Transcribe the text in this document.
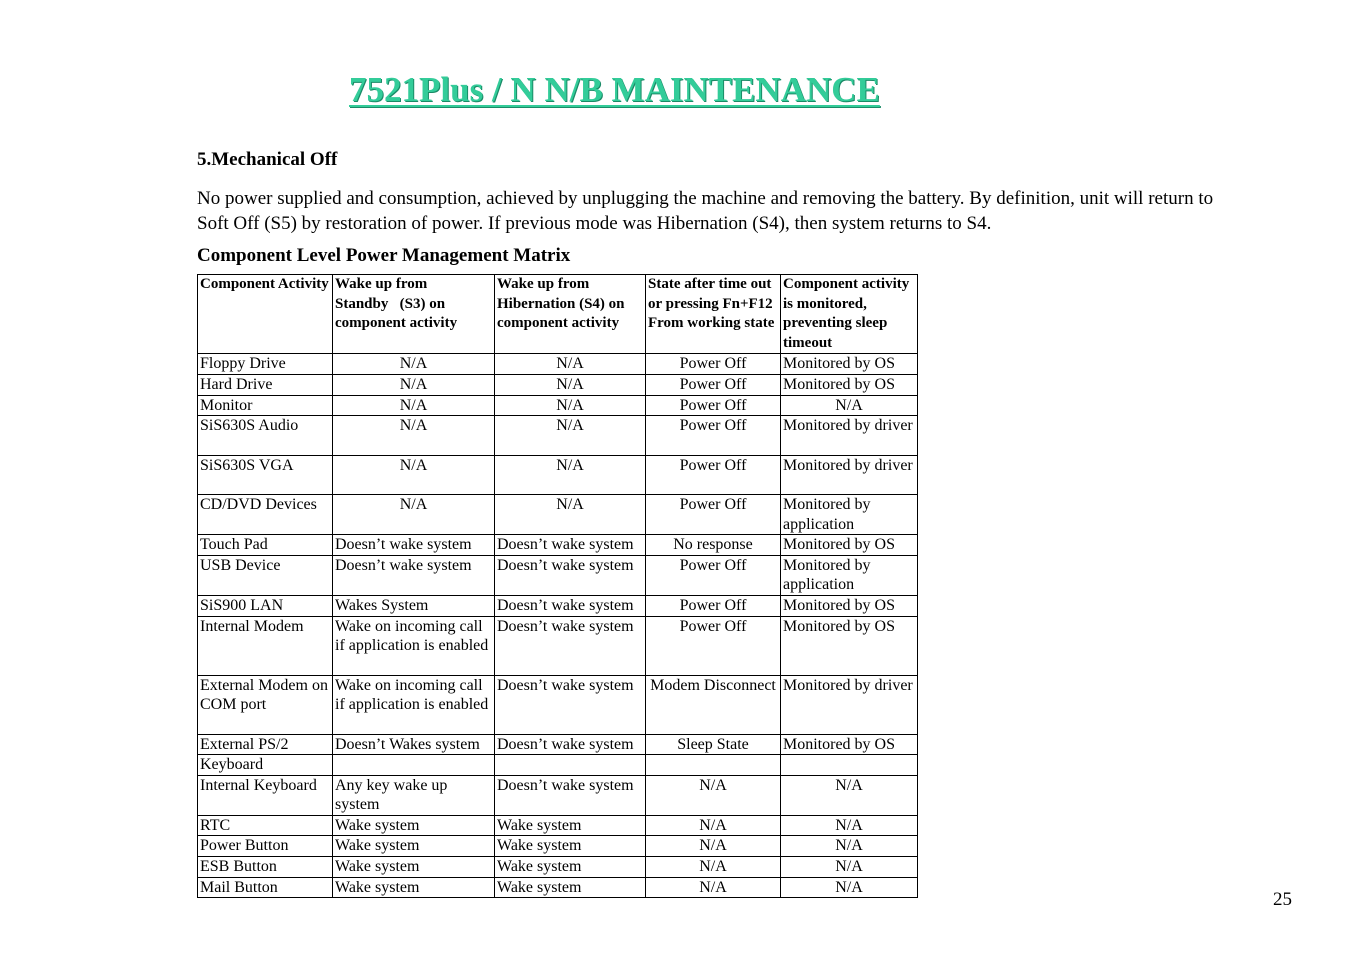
7521Plus / N N/B MAINTENANCE
5.Mechanical Off

No power supplied and consumption, achieved by unplugging the machine and removing the battery. By definition, unit will return to Soft Off (S5) by restoration of power. If previous mode was Hibernation (S4), then system returns to S4.

Component Level Power Management Matrix
Component Activity	Wake up from Standby   (S3) on component activity	Wake up from Hibernation (S4) on component activity	State after time out or pressing Fn+F12 From working state	Component activity is monitored, preventing sleep timeout
Floppy Drive	N/A	N/A	Power Off	Monitored by OS
Hard Drive	N/A	N/A	Power Off	Monitored by OS
Monitor	N/A	N/A	Power Off	N/A
SiS630S Audio	N/A	N/A	Power Off	Monitored by driver
SiS630S VGA	N/A	N/A	Power Off	Monitored by driver
CD/DVD Devices	N/A	N/A	Power Off	Monitored by application
Touch Pad	Doesn’t wake system	Doesn’t wake system	No response	Monitored by OS
USB Device	Doesn’t wake system	Doesn’t wake system	Power Off	Monitored by application
SiS900 LAN	Wakes System	Doesn’t wake system	Power Off	Monitored by OS
Internal Modem	Wake on incoming call if application is enabled	Doesn’t wake system	Power Off	Monitored by OS
External Modem on COM port	Wake on incoming call if application is enabled	Doesn’t wake system	Modem Disconnect	Monitored by driver
External PS/2	Doesn’t Wakes system	Doesn’t wake system	Sleep State	Monitored by OS
Keyboard				
Internal Keyboard	Any key wake up system	Doesn’t wake system	N/A	N/A
RTC	Wake system	Wake system	N/A	N/A
Power Button	Wake system	Wake system	N/A	N/A
ESB Button	Wake system	Wake system	N/A	N/A
Mail Button	Wake system	Wake system	N/A	N/A
25
